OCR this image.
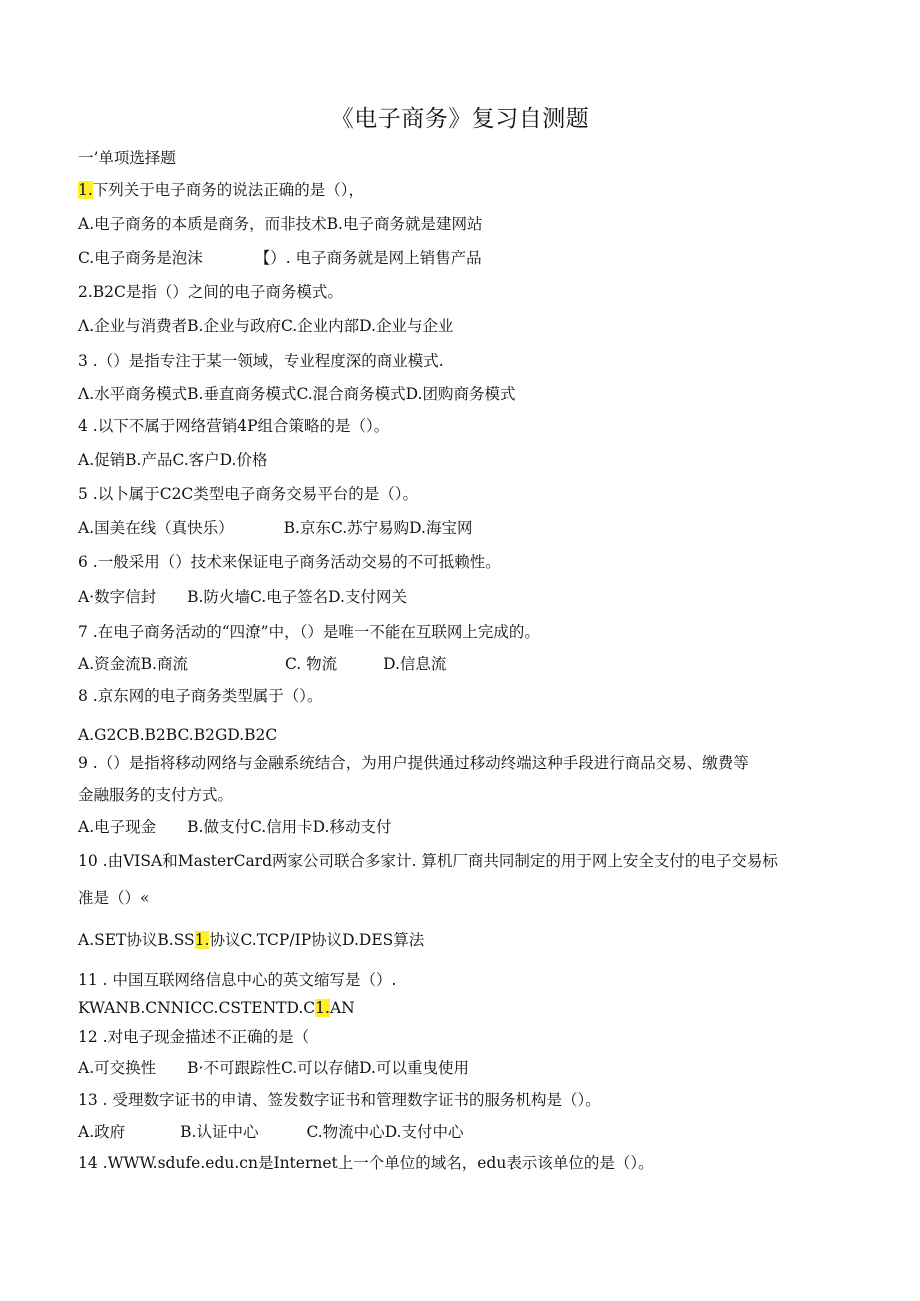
《电子商务》复习自测题
一’单项选择题
1.下列关于电子商务的说法正确的是（），
A.电子商务的本质是商务，而非技术B.电子商务就是建网站
C.电子商务是泡沫	【）. 电子商务就是网上销售产品
2.B2C是指（）之间的电子商务模式。
Λ.企业与消费者B.企业与政府C.企业内部D.企业与企业
3 .（）是指专注于某一领域，专业程度深的商业模式.
Λ.水平商务模式B.垂直商务模式C.混合商务模式D.团购商务模式
4 .以下不属于网络营销4P组合策略的是（）。
A.促销B.产品C.客户D.价格
5 .以卜属于C2C类型电子商务交易平台的是（）。
A.国美在线（真快乐）	B.京东C.苏宁易购D.海宝网
6 .一般采用（）技术来保证电子商务活动交易的不可抵赖性。
A·数字信封　　B.防火墙C.电子签名D.支付网关
7 .在电子商务活动的“四潦”中，（）是唯一不能在互联网上完成的。
A.资金流B.商流	C. 物流	D.信息流
8 .京东网的电子商务类型属于（）。
A.G2CB.B2BC.B2GD.B2C
9 .（）是指将移动网络与金融系统结合，为用户提供通过移动终端这种手段进行商品交易、缴费等
金融服务的支付方式。
A.电子现金　　B.做支付C.信用卡D.移动支付
10 .由VISA和MasterCard两家公司联合多家计. 算机厂商共同制定的用于网上安全支付的电子交易标
准是（）«
A.SET协议B.SS1.协议C.TCP/IP协议D.DES算法
11 . 中国互联网络信息中心的英文缩写是（）.
KWANB.CNNICC.CSTENTD.C1.AN
12 .对电子现金描述不正确的是（
A.可交换性　　B·不可跟踪性C.可以存储D.可以重曳使用
13 . 受理数字证书的申请、签发数字证书和管理数字证书的服务机构是（）。
A.政府	B.认证中心	C.物流中心D.支付中心
14 .WWW.sdufe.edu.cn是Internet上一个单位的域名，edu表示该单位的是（）。
